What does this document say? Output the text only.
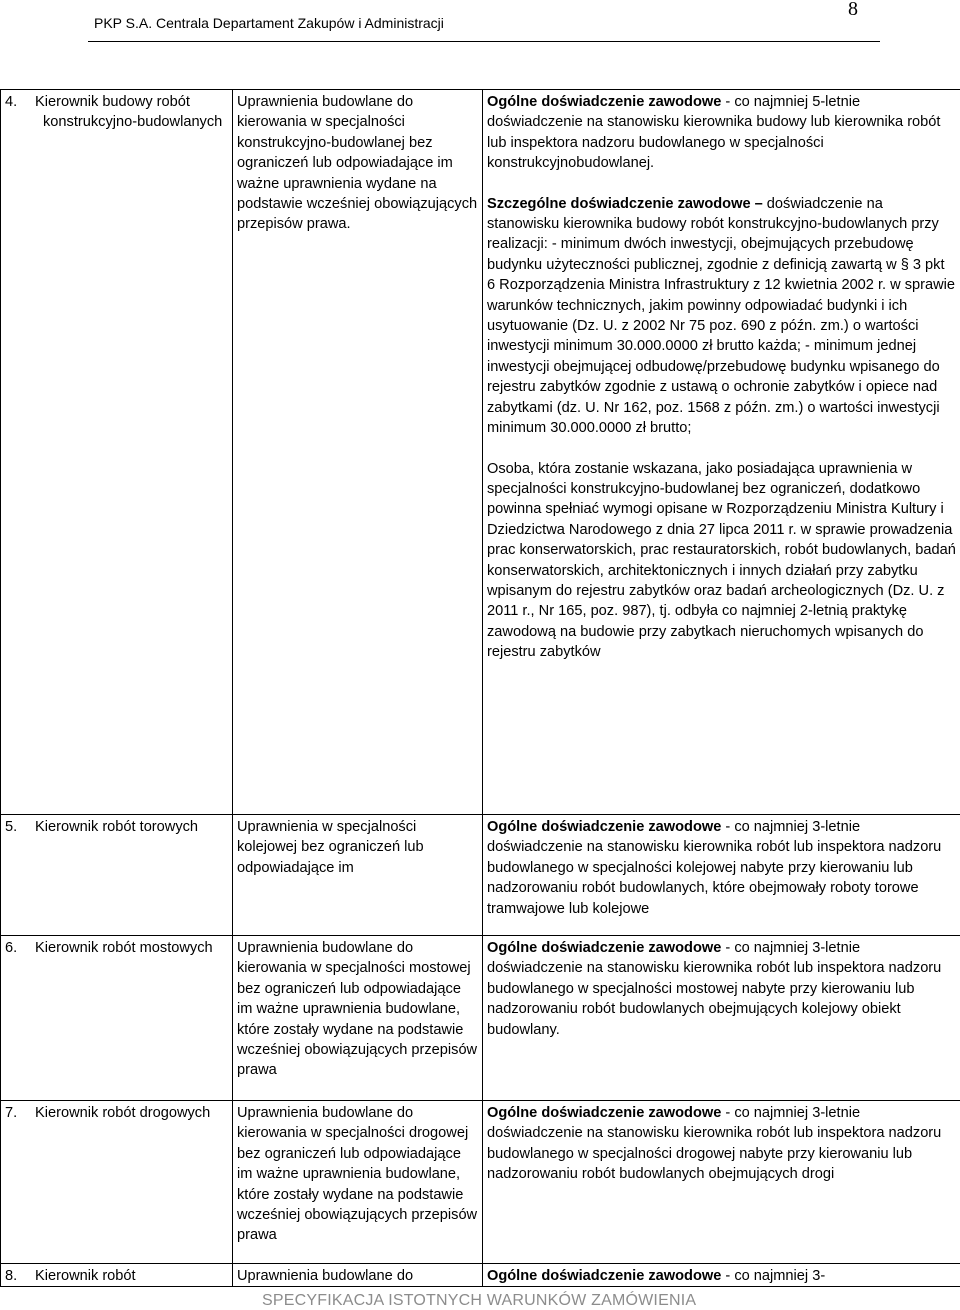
8
PKP S.A. Centrala Departament Zakupów i Administracji
4. Kierownik budowy robót konstrukcyjno-budowlanych	Uprawnienia budowlane do kierowania w specjalności konstrukcyjno-budowlanej bez ograniczeń lub odpowiadające im ważne uprawnienia wydane na podstawie wcześniej obowiązujących przepisów prawa.	Ogólne doświadczenie zawodowe - co najmniej 5-letnie doświadczenie na stanowisku kierownika budowy lub kierownika robót lub inspektora nadzoru budowlanego w specjalności konstrukcyjnobudowlanej.
Szczególne doświadczenie zawodowe – doświadczenie na stanowisku kierownika budowy robót konstrukcyjno-budowlanych przy realizacji: - minimum dwóch inwestycji, obejmujących przebudowę budynku użyteczności publicznej, zgodnie z definicją zawartą w § 3 pkt 6 Rozporządzenia Ministra Infrastruktury z 12 kwietnia 2002 r. w sprawie warunków technicznych, jakim powinny odpowiadać budynki i ich usytuowanie (Dz. U. z 2002 Nr 75 poz. 690 z późn. zm.) o wartości inwestycji minimum 30.000.0000 zł brutto każda; - minimum jednej inwestycji obejmującej odbudowę/przebudowę budynku wpisanego do rejestru zabytków zgodnie z ustawą o ochronie zabytków i opiece nad zabytkami (dz. U. Nr 162, poz. 1568 z późn. zm.) o wartości inwestycji minimum 30.000.0000 zł brutto;
Osoba, która zostanie wskazana, jako posiadająca uprawnienia w specjalności konstrukcyjno-budowlanej bez ograniczeń, dodatkowo powinna spełniać wymogi opisane w Rozporządzeniu Ministra Kultury i Dziedzictwa Narodowego z dnia 27 lipca 2011 r. w sprawie prowadzenia prac konserwatorskich, prac restauratorskich, robót budowlanych, badań konserwatorskich, architektonicznych i innych działań przy zabytku wpisanym do rejestru zabytków oraz badań archeologicznych (Dz. U. z 2011 r., Nr 165, poz. 987), tj. odbyła co najmniej 2-letnią praktykę zawodową na budowie przy zabytkach nieruchomych wpisanych do rejestru zabytków

5. Kierownik robót torowych	Uprawnienia w specjalności kolejowej bez ograniczeń lub odpowiadające im	Ogólne doświadczenie zawodowe - co najmniej 3-letnie doświadczenie na stanowisku kierownika robót lub inspektora nadzoru budowlanego w specjalności kolejowej nabyte przy kierowaniu lub nadzorowaniu robót budowlanych, które obejmowały roboty torowe tramwajowe lub kolejowe

6. Kierownik robót mostowych	Uprawnienia budowlane do kierowania w specjalności mostowej bez ograniczeń lub odpowiadające im ważne uprawnienia budowlane, które zostały wydane na podstawie wcześniej obowiązujących przepisów prawa	Ogólne doświadczenie zawodowe - co najmniej 3-letnie doświadczenie na stanowisku kierownika robót lub inspektora nadzoru budowlanego w specjalności mostowej nabyte przy kierowaniu lub nadzorowaniu robót budowlanych obejmujących kolejowy obiekt budowlany.

7. Kierownik robót drogowych	Uprawnienia budowlane do kierowania w specjalności drogowej bez ograniczeń lub odpowiadające im ważne uprawnienia budowlane, które zostały wydane na podstawie wcześniej obowiązujących przepisów prawa	Ogólne doświadczenie zawodowe - co najmniej 3-letnie doświadczenie na stanowisku kierownika robót lub inspektora nadzoru budowlanego w specjalności drogowej nabyte przy kierowaniu lub nadzorowaniu robót budowlanych obejmujących drogi

8. Kierownik robót	Uprawnienia budowlane do	Ogólne doświadczenie zawodowe - co najmniej 3-
SPECYFIKACJA ISTOTNYCH WARUNKÓW ZAMÓWIENIA
